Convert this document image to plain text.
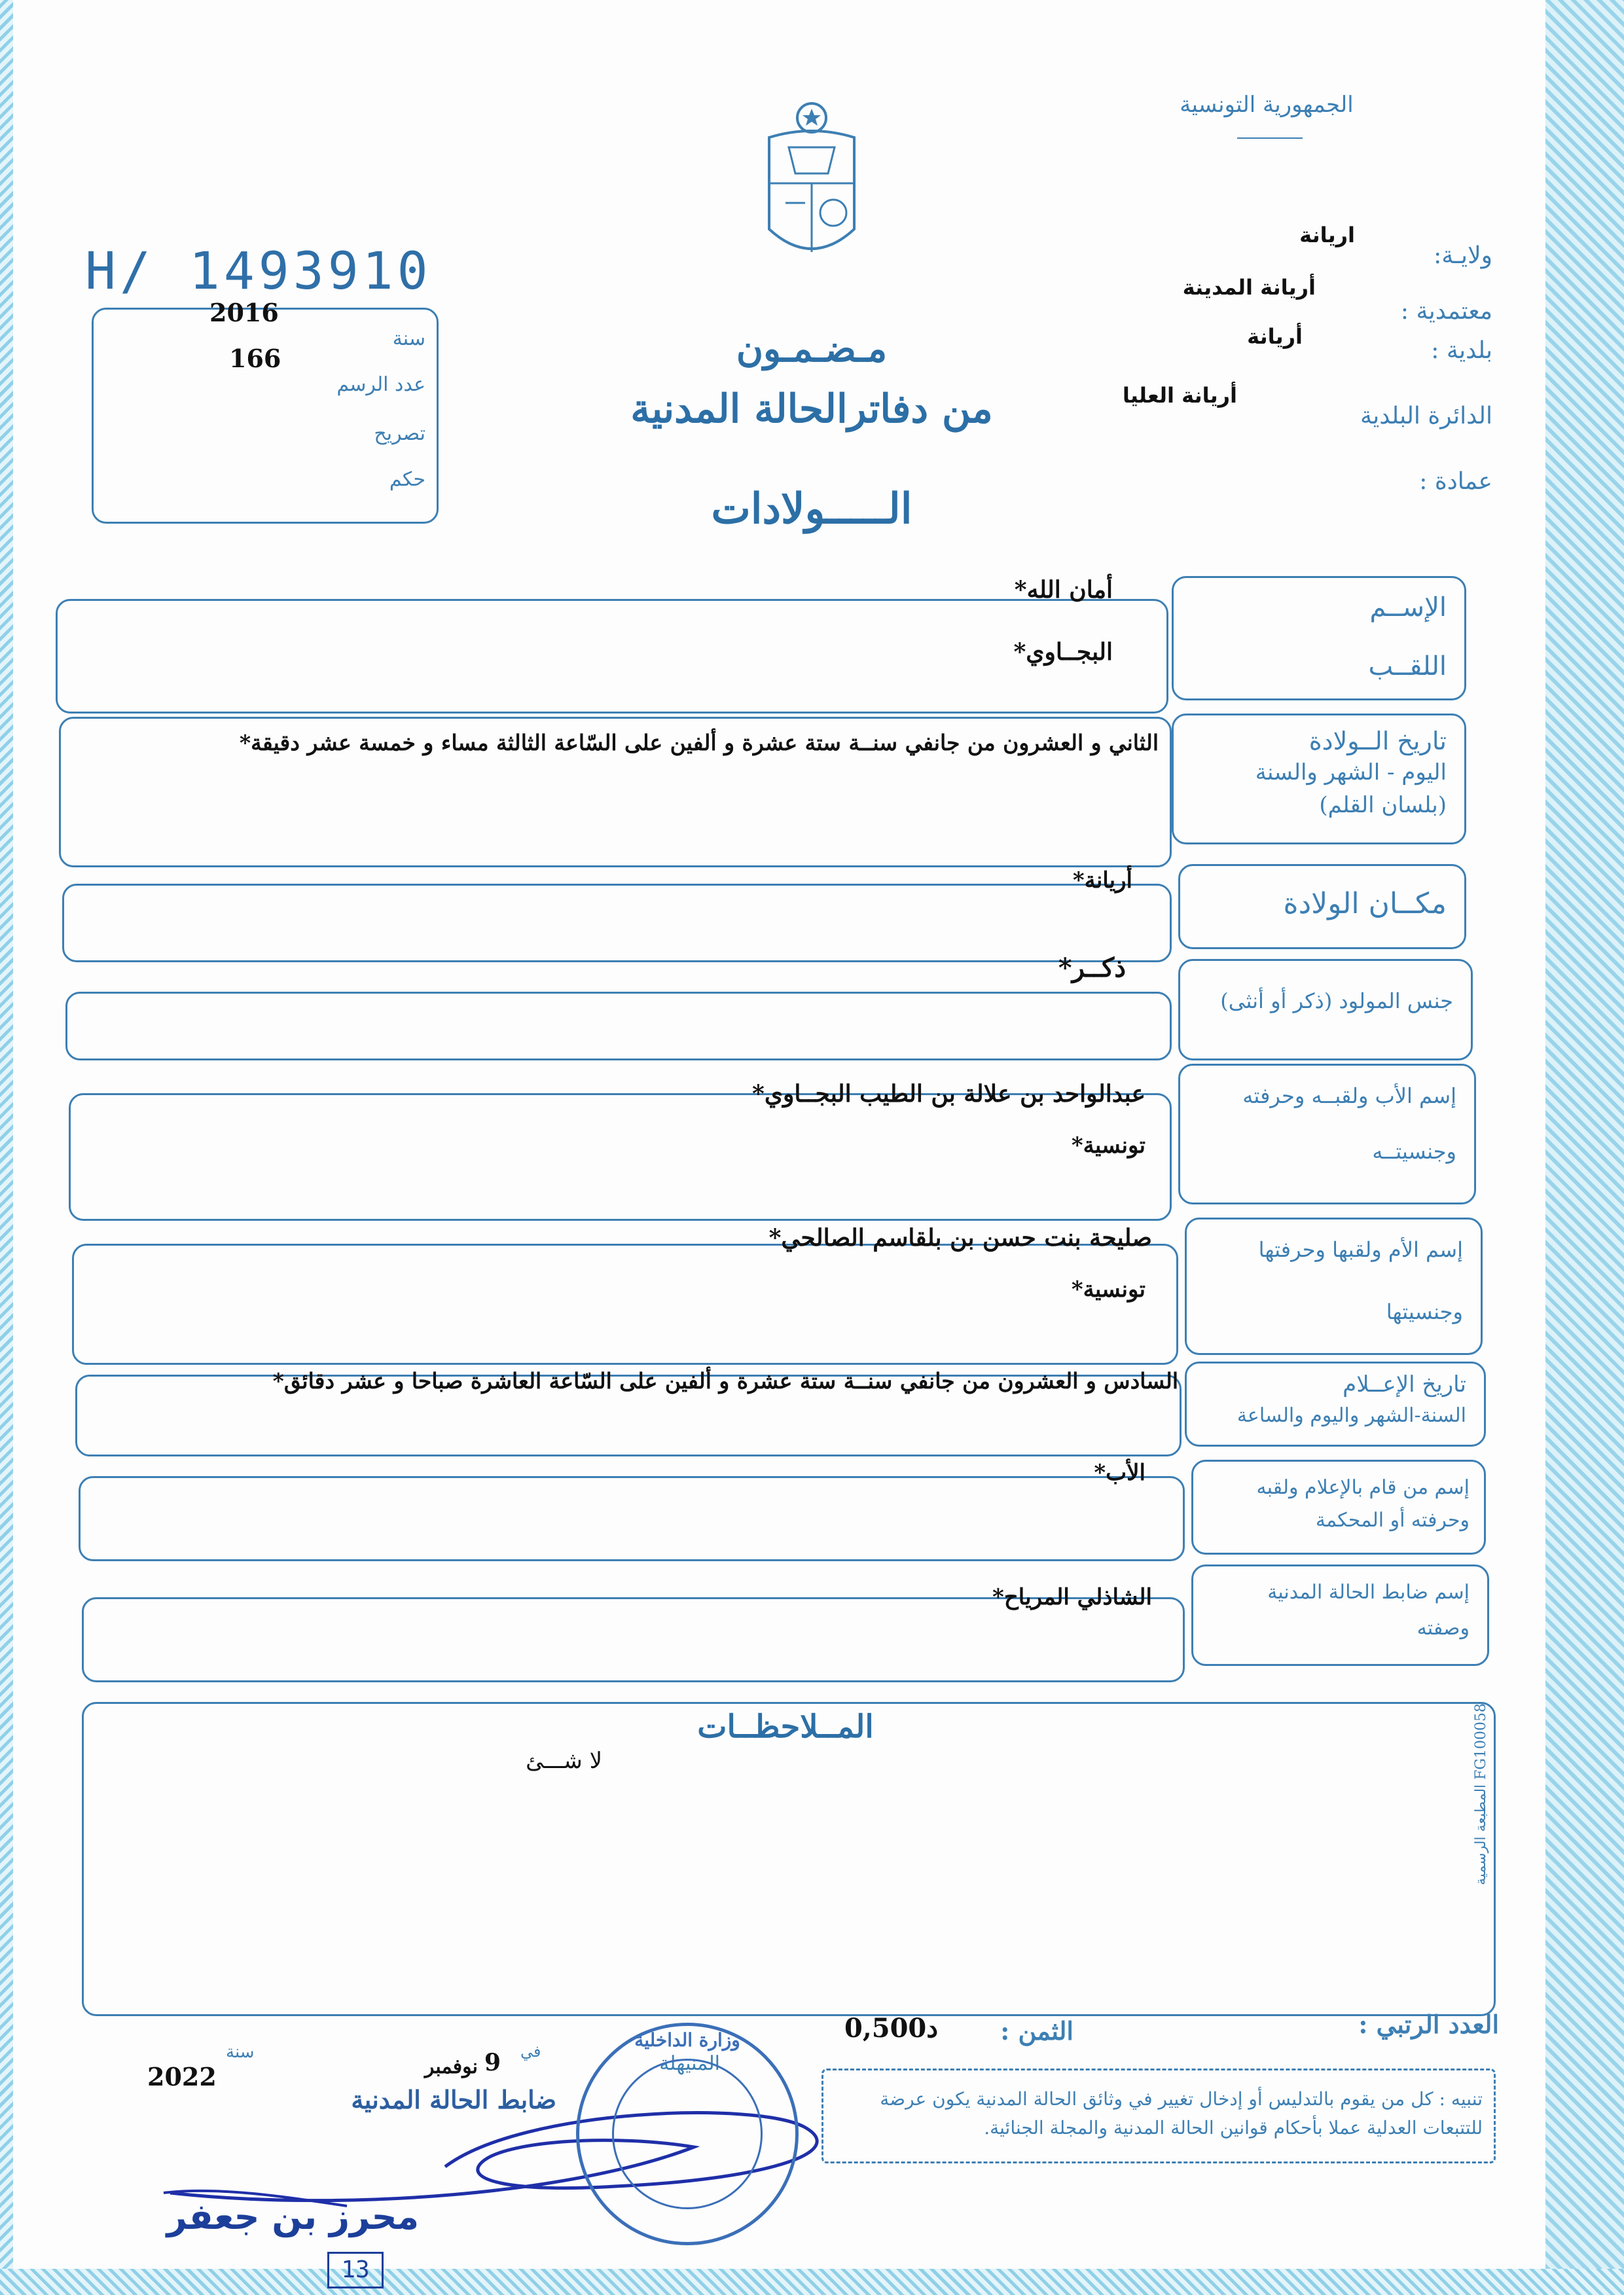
الجمهورية التونسية
H/ 1493910	ولايـة:
اريانة
معتمدية :
أريانة المدينة
بلدية :
أريانة
الدائرة البلدية
أريانة العليا
عمادة :
2016
سنة
166
عدد الرسم
تصريح
حكم
مـضـمـون
من دفاترالحالة المدنية
الـــــولادات
الإســم
اللقــب
أمان الله*
البجــاوي*
تاريخ الــولادة
اليوم - الشهر والسنة
(بلسان القلم)
الثاني و العشرون من جانفي سنــة ستة عشرة و ألفين على السّاعة الثالثة مساء و خمسة عشر دقيقة*
مكــان الولادة
أريانة*
جنس المولود (ذكر أو أنثى)
ذكــر*
إسم الأب ولقبــه وحرفته
وجنسيتــه
عبدالواحد بن علالة بن الطيب البجــاوي*
تونسية*
إسم الأم ولقبها وحرفتها
وجنسيتها
صليحة بنت حسن بن بلقاسم الصالحي*
تونسية*
تاريخ الإعــلام
السنة-الشهر واليوم والساعة
السادس و العشرون من جانفي سنــة ستة عشرة و ألفين على السّاعة العاشرة صباحا و عشر دقائق*
إسم من قام بالإعلام ولقبه
وحرفته أو المحكمة
الأب*
إسم ضابط الحالة المدنية
وصفته
الشاذلي المرياح*
المــلاحظــات
لا شـــئ
المطبعة الرسمية FG100058
العدد الرتبي :
الثمن :
0,500د
المنيهلة
في
9
نوفمبر
سنة
2022
ضابط الحالة المدنية
محرز بن جعفر
13
وزارة الداخلية
تنبيه : كل من يقوم بالتدليس أو إدخال تغيير في وثائق الحالة المدنية يكون عرضة للتتبعات العدلية عملا بأحكام قوانين الحالة المدنية والمجلة الجنائية.
